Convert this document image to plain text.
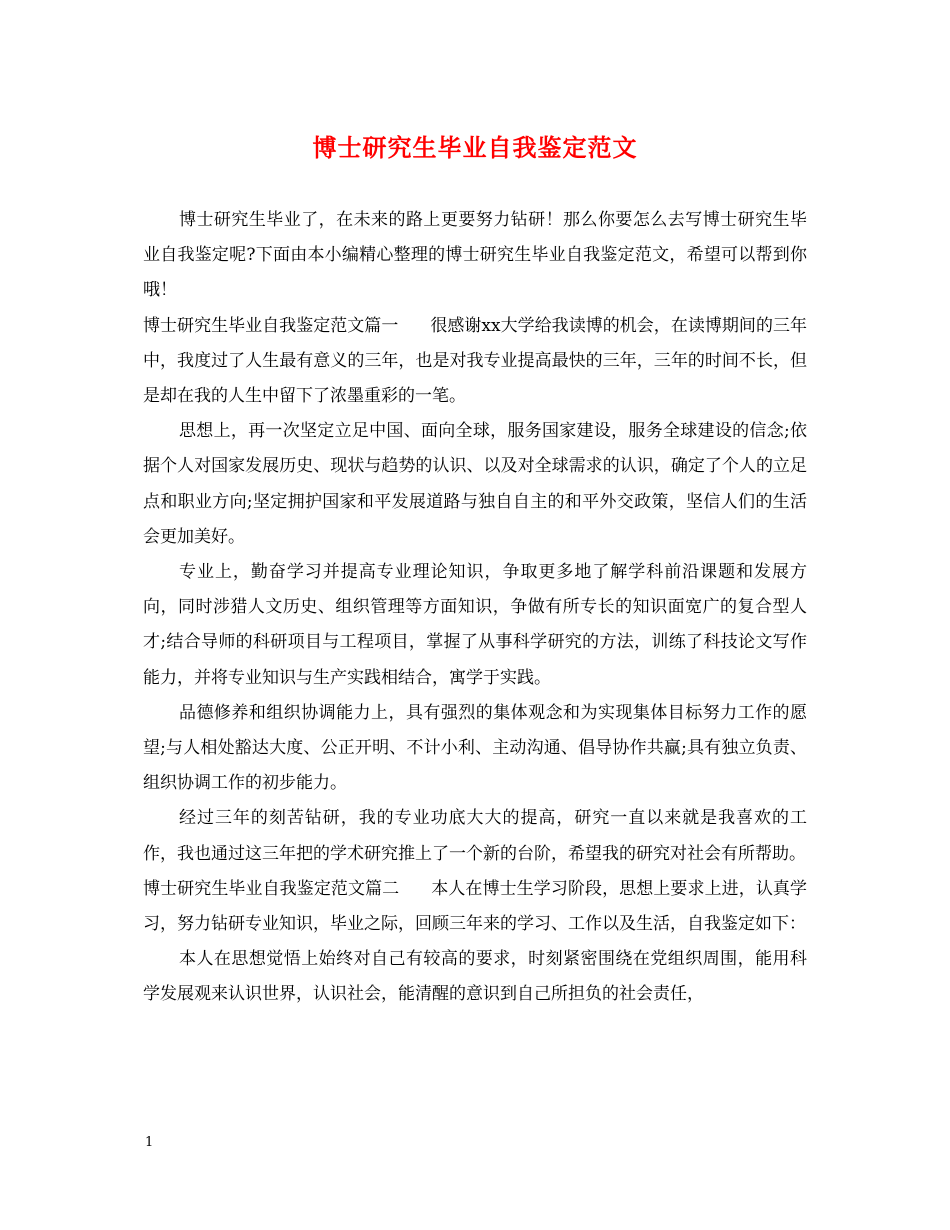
博士研究生毕业自我鉴定范文

博士研究生毕业了，在未来的路上更要努力钻研！那么你要怎么去写博士研究生毕业自我鉴定呢?下面由本小编精心整理的博士研究生毕业自我鉴定范文，希望可以帮到你哦！

博士研究生毕业自我鉴定范文篇一 很感谢xx大学给我读博的机会，在读博期间的三年中，我度过了人生最有意义的三年，也是对我专业提高最快的三年，三年的时间不长，但是却在我的人生中留下了浓墨重彩的一笔。

思想上，再一次坚定立足中国、面向全球，服务国家建设，服务全球建设的信念;依据个人对国家发展历史、现状与趋势的认识、以及对全球需求的认识，确定了个人的立足点和职业方向;坚定拥护国家和平发展道路与独自自主的和平外交政策，坚信人们的生活会更加美好。

专业上，勤奋学习并提高专业理论知识，争取更多地了解学科前沿课题和发展方向，同时涉猎人文历史、组织管理等方面知识，争做有所专长的知识面宽广的复合型人才;结合导师的科研项目与工程项目，掌握了从事科学研究的方法，训练了科技论文写作能力，并将专业知识与生产实践相结合，寓学于实践。

品德修养和组织协调能力上，具有强烈的集体观念和为实现集体目标努力工作的愿望;与人相处豁达大度、公正开明、不计小利、主动沟通、倡导协作共赢;具有独立负责、组织协调工作的初步能力。

经过三年的刻苦钻研，我的专业功底大大的提高，研究一直以来就是我喜欢的工作，我也通过这三年把的学术研究推上了一个新的台阶，希望我的研究对社会有所帮助。

博士研究生毕业自我鉴定范文篇二 本人在博士生学习阶段，思想上要求上进，认真学习，努力钻研专业知识，毕业之际，回顾三年来的学习、工作以及生活，自我鉴定如下：

本人在思想觉悟上始终对自己有较高的要求，时刻紧密围绕在党组织周围，能用科学发展观来认识世界，认识社会，能清醒的意识到自己所担负的社会责任，

1
